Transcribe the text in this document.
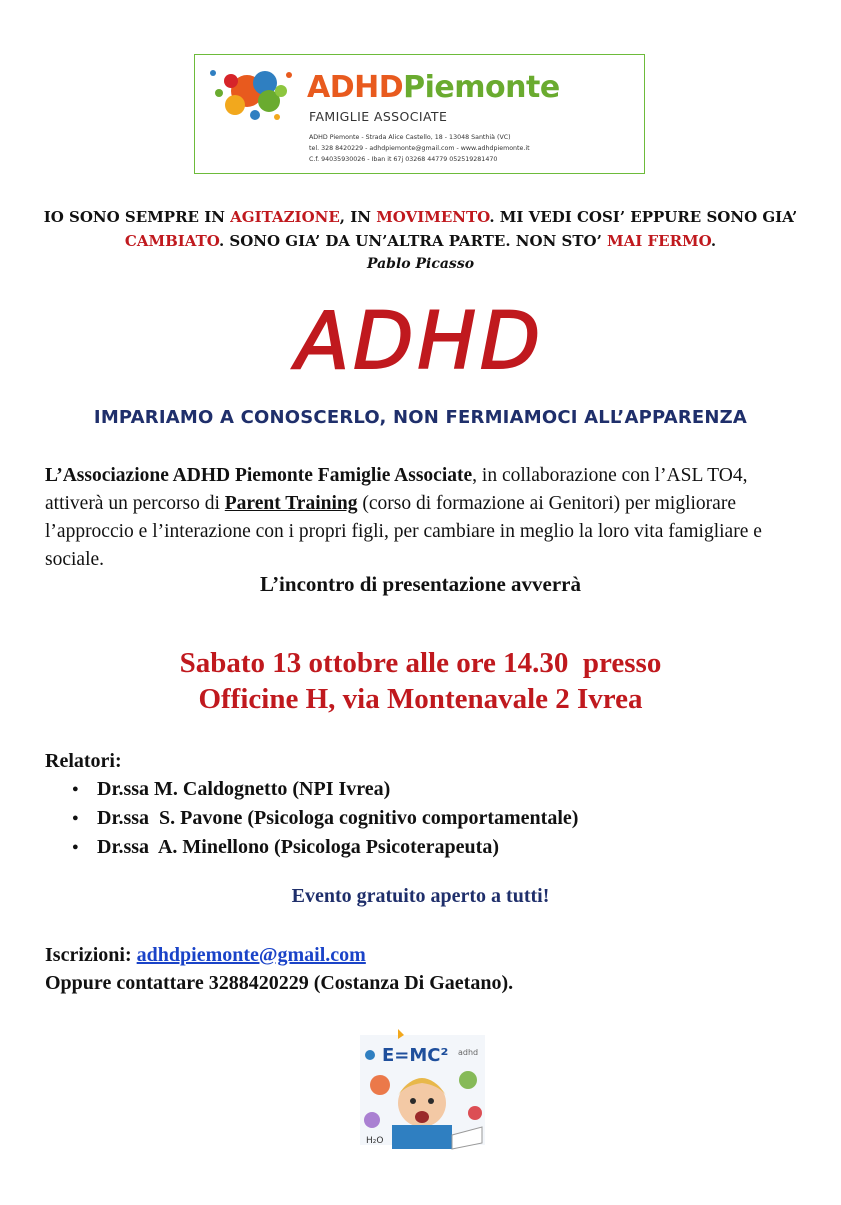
ADHDPiemonte
FAMIGLIE ASSOCIATE
ADHD Piemonte - Strada Alice Castello, 18 - 13048 Santhià (VC)
tel. 328 8420229 - adhdpiemonte@gmail.com - www.adhdpiemonte.it
C.f. 94035930026 - Iban it 67j 03268 44779 052519281470
IO SONO SEMPRE IN AGITAZIONE, IN MOVIMENTO. MI VEDI COSI’ EPPURE SONO GIA’ CAMBIATO. SONO GIA’ DA UN’ALTRA PARTE. NON STO’ MAI FERMO.
Pablo Picasso
ADHD
IMPARIAMO A CONOSCERLO, NON FERMIAMOCI ALL’APPARENZA
L’Associazione ADHD Piemonte Famiglie Associate, in collaborazione con l’ASL TO4, attiverà un percorso di Parent Training (corso di formazione ai Genitori) per migliorare l’approccio e l’interazione con i propri figli, per cambiare in meglio la loro vita famigliare e sociale.
L’incontro di presentazione avverrà
Sabato 13 ottobre alle ore 14.30  presso
Officine H, via Montenavale 2 Ivrea
Relatori:
● Dr.ssa M. Caldognetto (NPI Ivrea)
● Dr.ssa  S. Pavone (Psicologa cognitivo comportamentale)
● Dr.ssa  A. Minellono (Psicologa Psicoterapeuta)
Evento gratuito aperto a tutti!
Iscrizioni: adhdpiemonte@gmail.com
Oppure contattare 3288420229 (Costanza Di Gaetano).
E=MC²
H₂O
adhd
